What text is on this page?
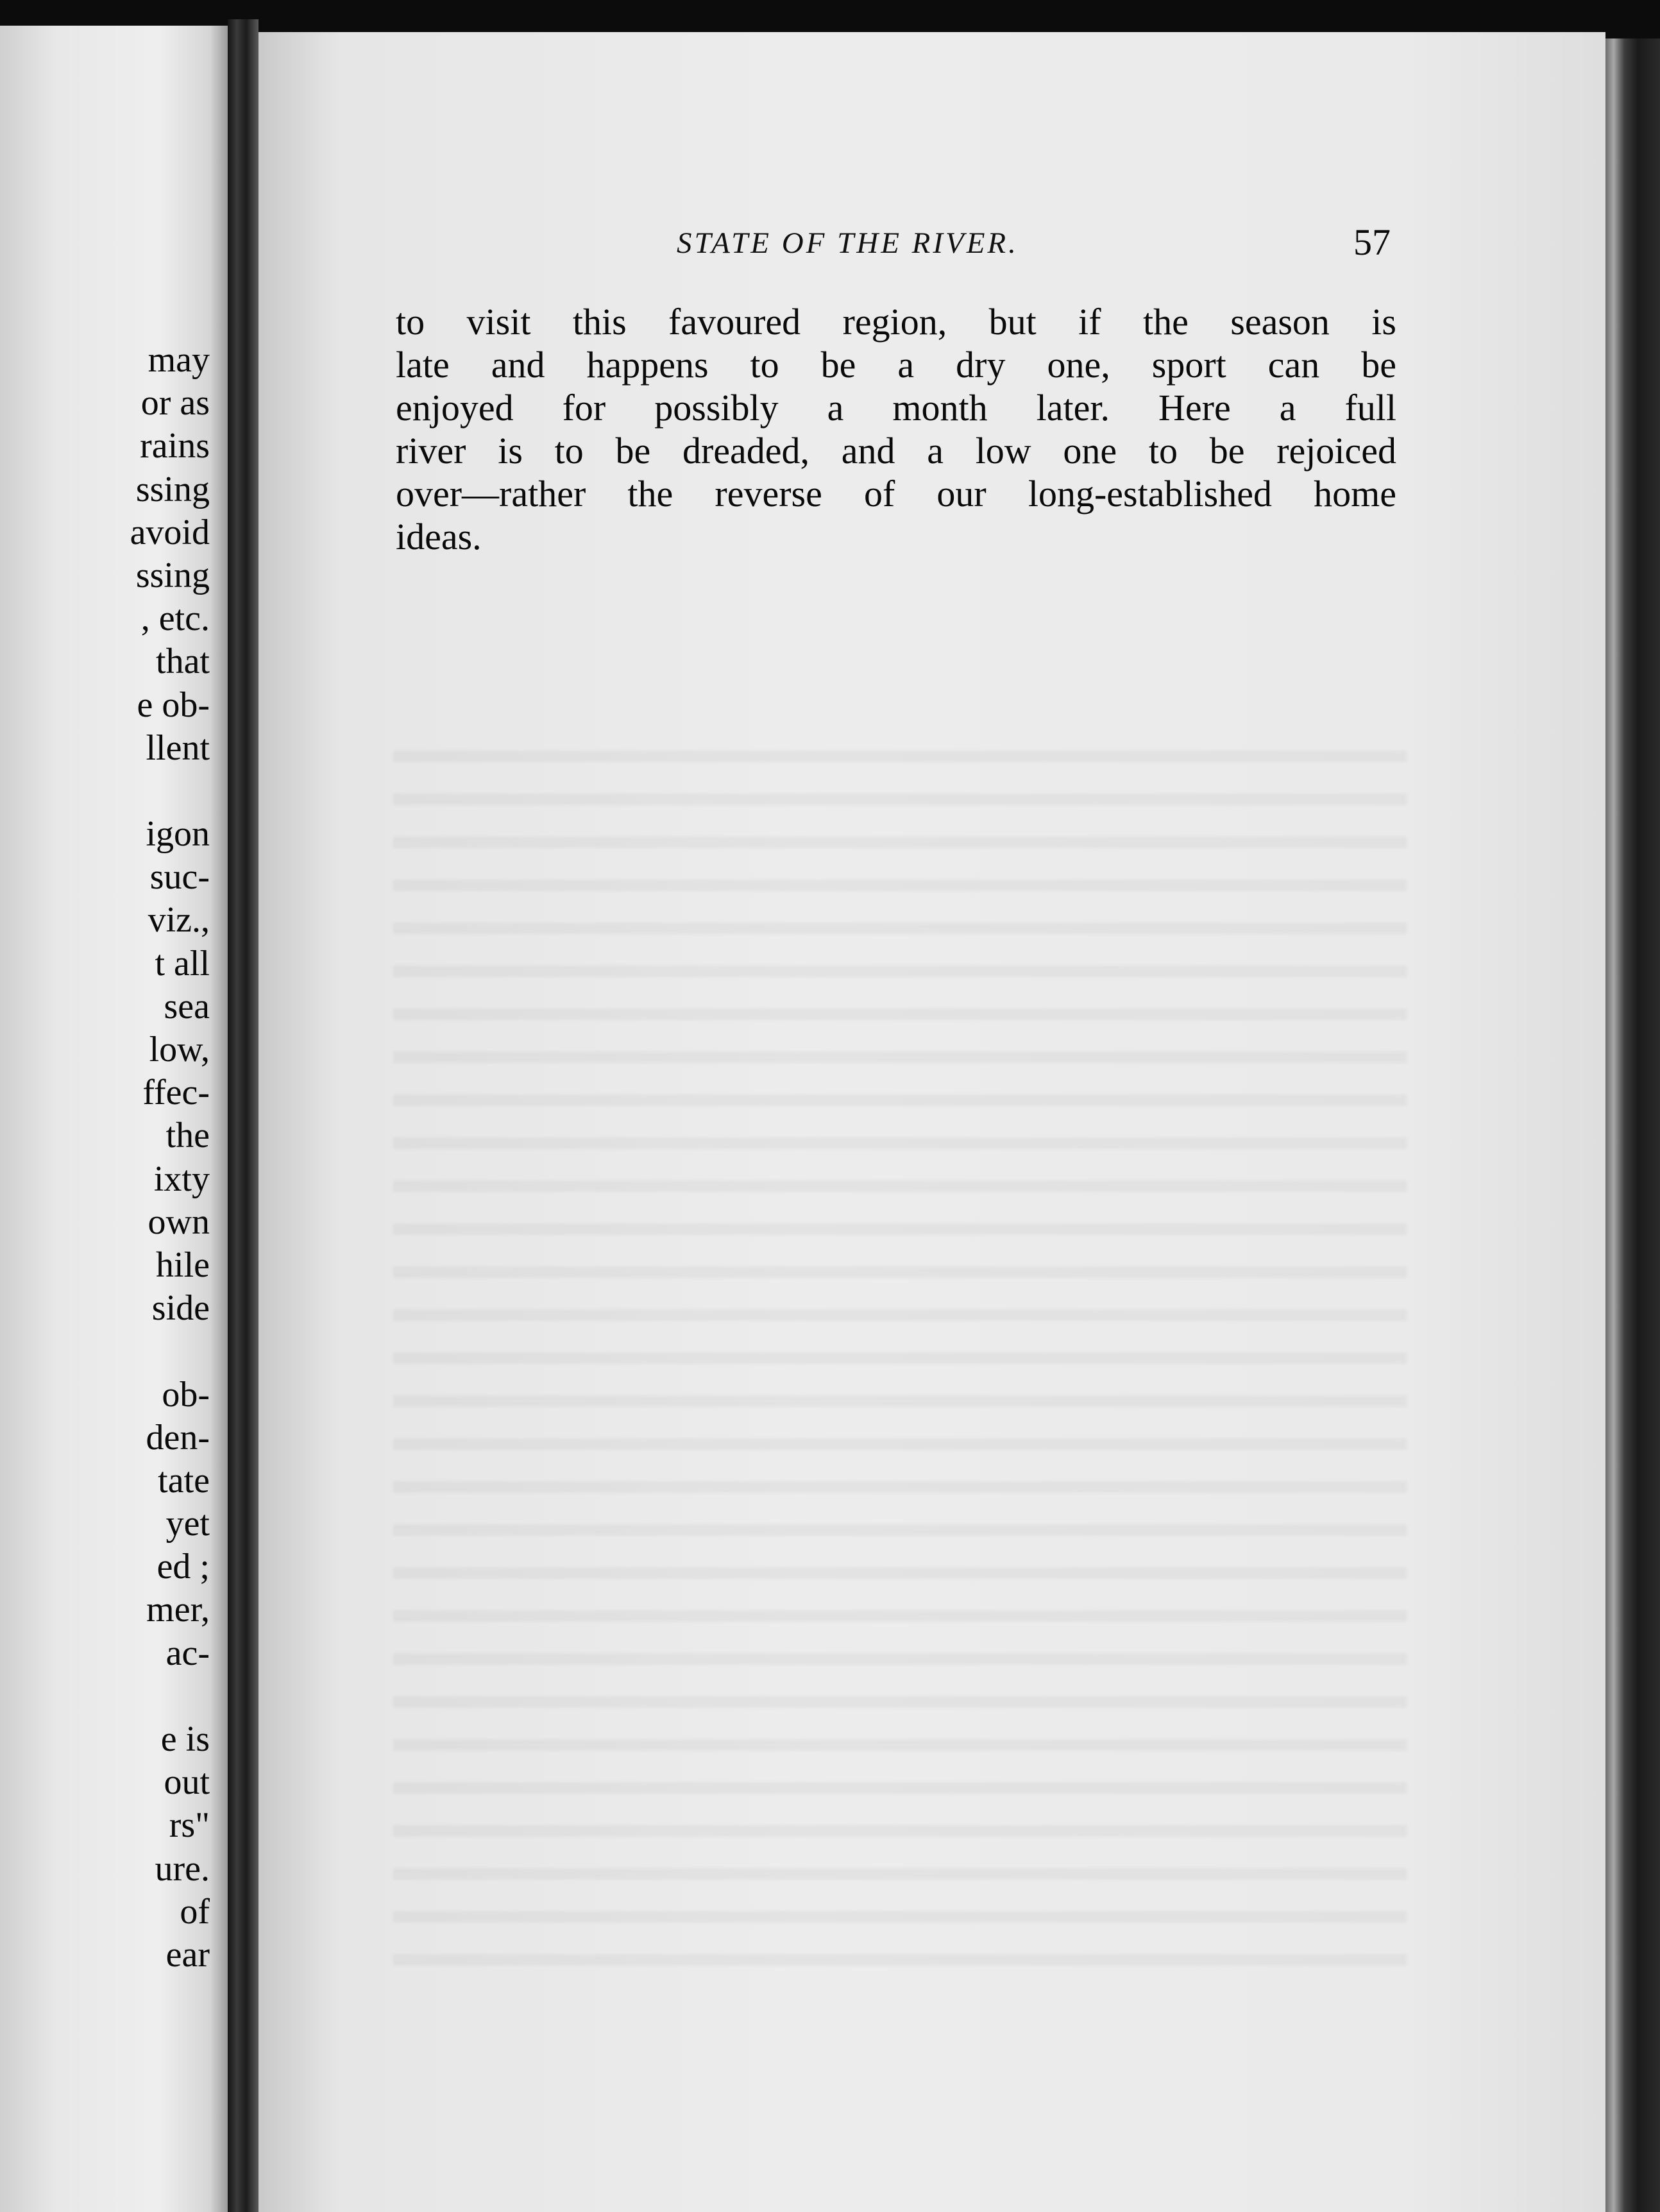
may
or as
rains
ssing
avoid
ssing
, etc.
that
e ob-
llent
igon
suc-
viz.,
t all
sea
low,
ffec-
the
ixty
own
hile
side
ob-
den-
tate
yet
ed ;
mer,
ac-
e is
out
rs"
ure.
of
ear
STATE OF THE RIVER.	57
to visit this favoured region, but if the season is
late and happens to be a dry one, sport can be
enjoyed for possibly a month later. Here a full
river is to be dreaded, and a low one to be rejoiced
over—rather the reverse of our long-established home
ideas.
